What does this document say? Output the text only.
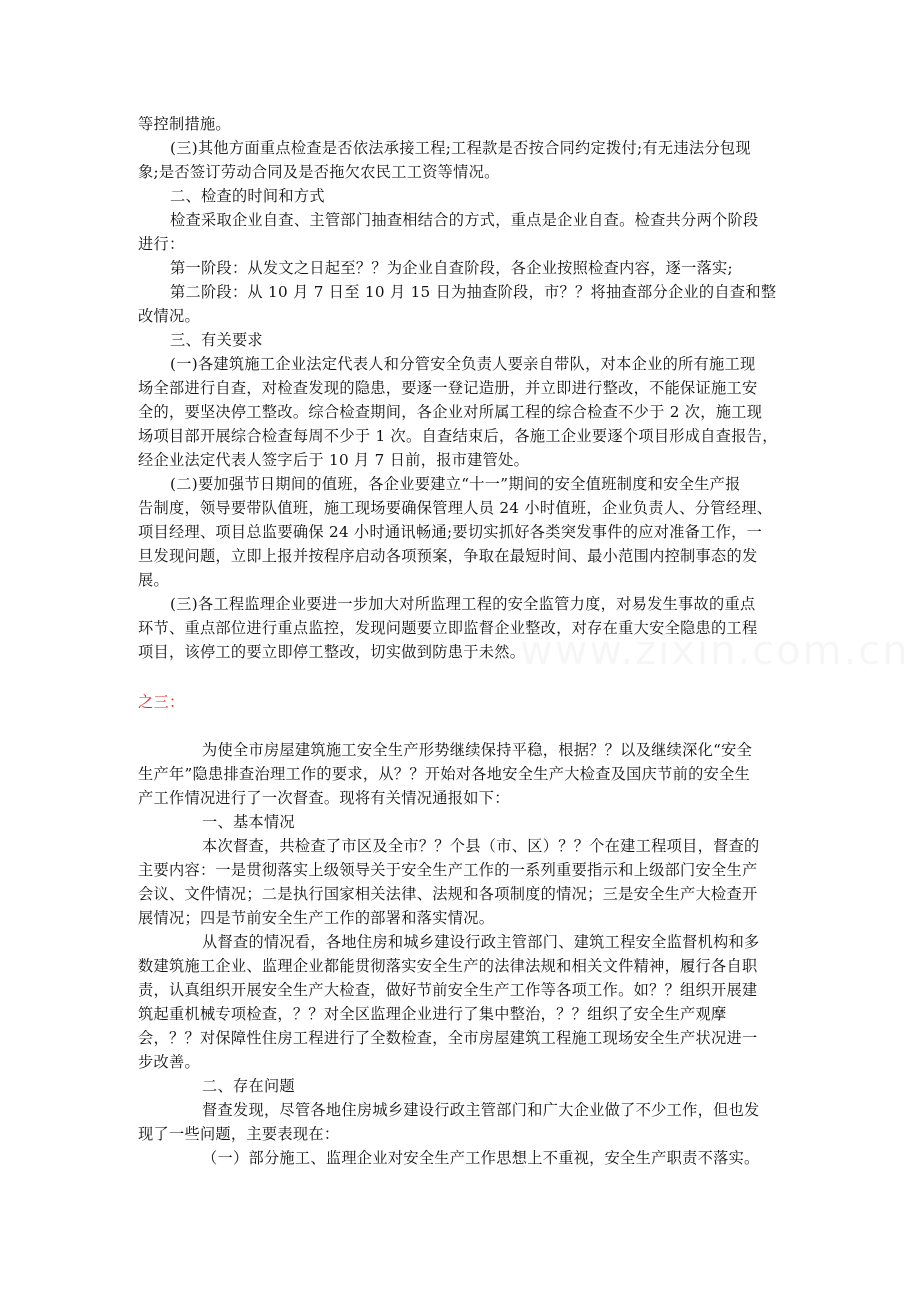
等控制措施。
(三)其他方面重点检查是否依法承接工程;工程款是否按合同约定拨付;有无违法分包现
象;是否签订劳动合同及是否拖欠农民工工资等情况。
二、检查的时间和方式
检查采取企业自查、主管部门抽查相结合的方式，重点是企业自查。检查共分两个阶段
进行：
第一阶段：从发文之日起至？？为企业自查阶段，各企业按照检查内容，逐一落实;
第二阶段：从 10 月 7 日至 10 月 15 日为抽查阶段，市？？将抽查部分企业的自查和整
改情况。
三、有关要求
(一)各建筑施工企业法定代表人和分管安全负责人要亲自带队，对本企业的所有施工现
场全部进行自查，对检查发现的隐患，要逐一登记造册，并立即进行整改，不能保证施工安
全的，要坚决停工整改。综合检查期间，各企业对所属工程的综合检查不少于 2 次，施工现
场项目部开展综合检查每周不少于 1 次。自查结束后，各施工企业要逐个项目形成自查报告，
经企业法定代表人签字后于 10 月 7 日前，报市建管处。
(二)要加强节日期间的值班，各企业要建立“十一”期间的安全值班制度和安全生产报
告制度，领导要带队值班，施工现场要确保管理人员 24 小时值班，企业负责人、分管经理、
项目经理、项目总监要确保 24 小时通讯畅通;要切实抓好各类突发事件的应对准备工作，一
旦发现问题，立即上报并按程序启动各项预案，争取在最短时间、最小范围内控制事态的发
展。
(三)各工程监理企业要进一步加大对所监理工程的安全监管力度，对易发生事故的重点
环节、重点部位进行重点监控，发现问题要立即监督企业整改，对存在重大安全隐患的工程
项目，该停工的要立即停工整改，切实做到防患于未然。
之三：
为使全市房屋建筑施工安全生产形势继续保持平稳，根据？？以及继续深化“安全
生产年”隐患排查治理工作的要求，从？？开始对各地安全生产大检查及国庆节前的安全生
产工作情况进行了一次督查。现将有关情况通报如下：
一、基本情况
本次督查，共检查了市区及全市？？个县（市、区）？？个在建工程项目，督查的
主要内容：一是贯彻落实上级领导关于安全生产工作的一系列重要指示和上级部门安全生产
会议、文件情况；二是执行国家相关法律、法规和各项制度的情况；三是安全生产大检查开
展情况；四是节前安全生产工作的部署和落实情况。
从督查的情况看，各地住房和城乡建设行政主管部门、建筑工程安全监督机构和多
数建筑施工企业、监理企业都能贯彻落实安全生产的法律法规和相关文件精神，履行各自职
责，认真组织开展安全生产大检查，做好节前安全生产工作等各项工作。如？？组织开展建
筑起重机械专项检查，？？对全区监理企业进行了集中整治，？？组织了安全生产观摩
会，？？对保障性住房工程进行了全数检查，全市房屋建筑工程施工现场安全生产状况进一
步改善。
二、存在问题
督查发现，尽管各地住房城乡建设行政主管部门和广大企业做了不少工作，但也发
现了一些问题，主要表现在：
（一）部分施工、监理企业对安全生产工作思想上不重视，安全生产职责不落实。
